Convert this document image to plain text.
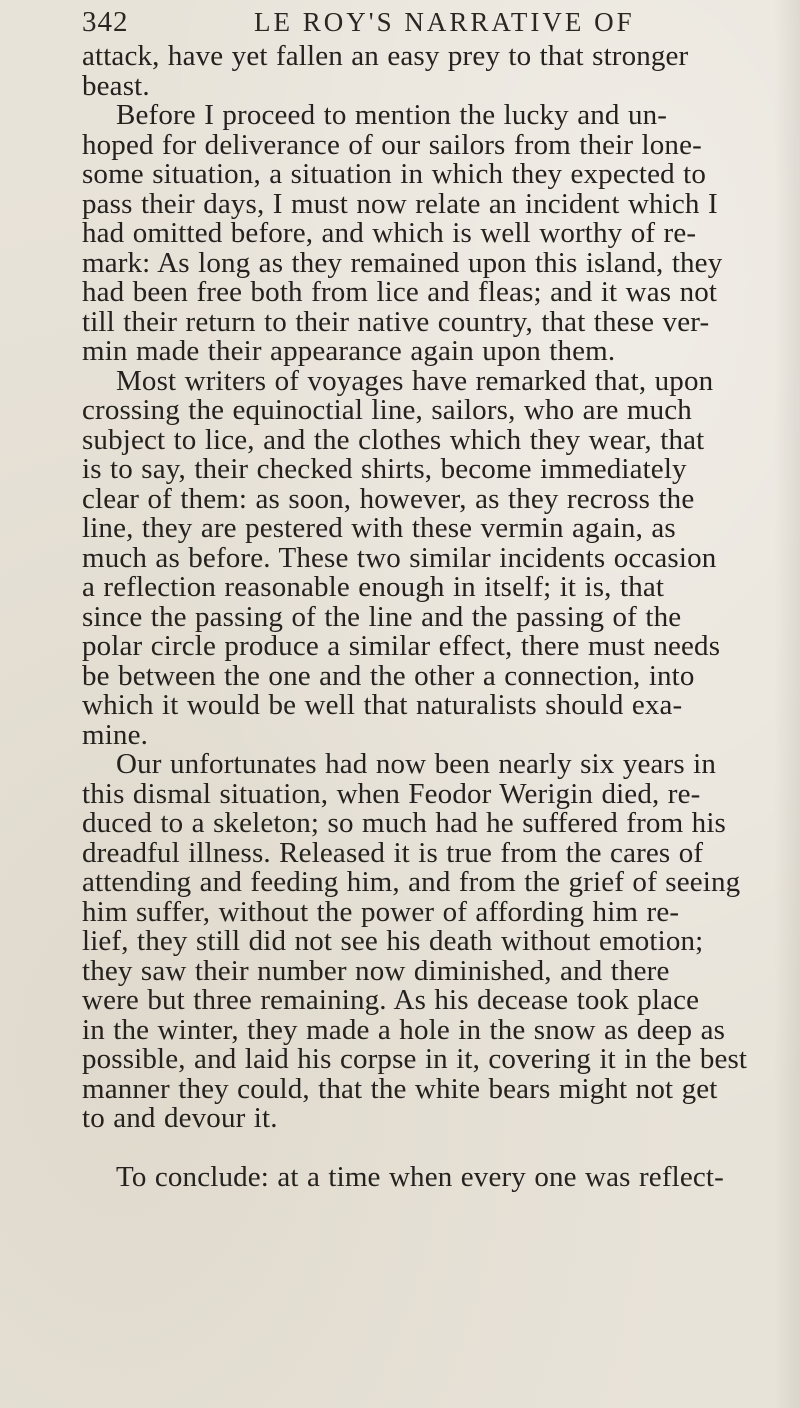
342	LE ROY'S NARRATIVE OF
attack, have yet fallen an easy prey to that stronger
beast.
Before I proceed to mention the lucky and un-
hoped for deliverance of our sailors from their lone-
some situation, a situation in which they expected to
pass their days, I must now relate an incident which I
had omitted before, and which is well worthy of re-
mark: As long as they remained upon this island, they
had been free both from lice and fleas; and it was not
till their return to their native country, that these ver-
min made their appearance again upon them.
Most writers of voyages have remarked that, upon
crossing the equinoctial line, sailors, who are much
subject to lice, and the clothes which they wear, that
is to say, their checked shirts, become immediately
clear of them: as soon, however, as they recross the
line, they are pestered with these vermin again, as
much as before. These two similar incidents occasion
a reflection reasonable enough in itself; it is, that
since the passing of the line and the passing of the
polar circle produce a similar effect, there must needs
be between the one and the other a connection, into
which it would be well that naturalists should exa-
mine.
Our unfortunates had now been nearly six years in
this dismal situation, when Feodor Werigin died, re-
duced to a skeleton; so much had he suffered from his
dreadful illness. Released it is true from the cares of
attending and feeding him, and from the grief of seeing
him suffer, without the power of affording him re-
lief, they still did not see his death without emotion;
they saw their number now diminished, and there
were but three remaining. As his decease took place
in the winter, they made a hole in the snow as deep as
possible, and laid his corpse in it, covering it in the best
manner they could, that the white bears might not get
to and devour it.
To conclude: at a time when every one was reflect-
